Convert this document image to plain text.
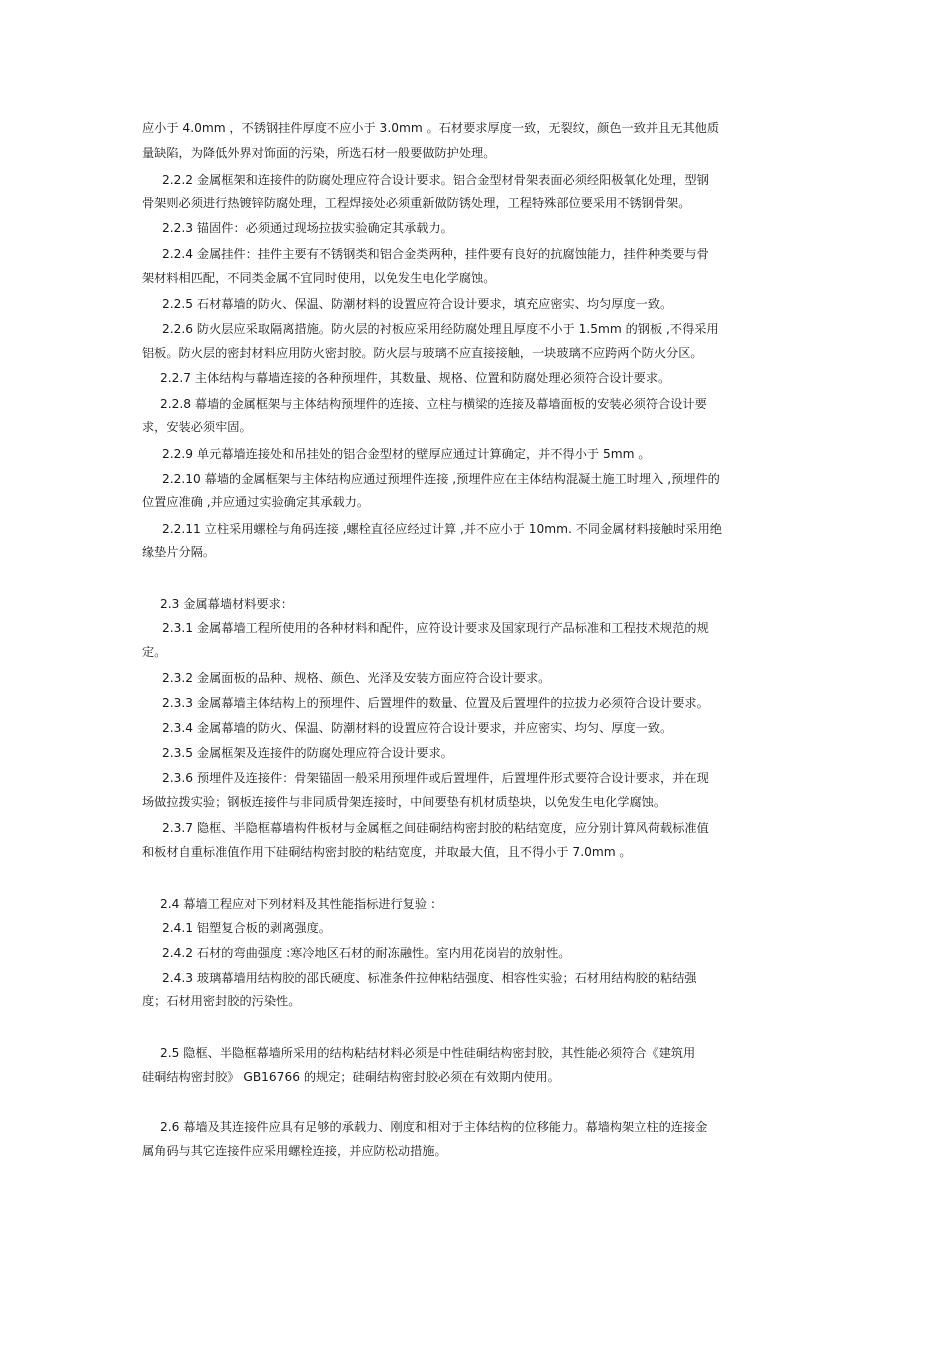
应小于 4.0mm ，不锈钢挂件厚度不应小于 3.0mm 。石材要求厚度一致，无裂纹，颜色一致并且无其他质
量缺陷，为降低外界对饰面的污染，所选石材一般要做防护处理。
2.2.2 金属框架和连接件的防腐处理应符合设计要求。铝合金型材骨架表面必须经阳极氧化处理，型钢
骨架则必须进行热镀锌防腐处理，工程焊接处必须重新做防锈处理，工程特殊部位要采用不锈钢骨架。
2.2.3 锚固件：必须通过现场拉拔实验确定其承载力。
2.2.4 金属挂件：挂件主要有不锈钢类和铝合金类两种，挂件要有良好的抗腐蚀能力，挂件种类要与骨
架材料相匹配，不同类金属不宜同时使用，以免发生电化学腐蚀。
2.2.5 石材幕墙的防火、保温、防潮材料的设置应符合设计要求，填充应密实、均匀厚度一致。
2.2.6 防火层应采取隔离措施。防火层的衬板应采用经防腐处理且厚度不小于 1.5mm 的钢板 ,不得采用
铝板。防火层的密封材料应用防火密封胶。防火层与玻璃不应直接接触，一块玻璃不应跨两个防火分区。
2.2.7 主体结构与幕墙连接的各种预埋件，其数量、规格、位置和防腐处理必须符合设计要求。
2.2.8 幕墙的金属框架与主体结构预埋件的连接、立柱与横梁的连接及幕墙面板的安装必须符合设计要
求，安装必须牢固。
2.2.9 单元幕墙连接处和吊挂处的铝合金型材的壁厚应通过计算确定，并不得小于 5mm 。
2.2.10 幕墙的金属框架与主体结构应通过预埋件连接 ,预埋件应在主体结构混凝土施工时埋入 ,预埋件的
位置应准确 ,并应通过实验确定其承载力。
2.2.11 立柱采用螺栓与角码连接 ,螺栓直径应经过计算 ,并不应小于 10mm. 不同金属材料接触时采用绝
缘垫片分隔。
2.3 金属幕墙材料要求：
2.3.1 金属幕墙工程所使用的各种材料和配件，应符设计要求及国家现行产品标准和工程技术规范的规
定。
2.3.2 金属面板的品种、规格、颜色、光泽及安装方面应符合设计要求。
2.3.3 金属幕墙主体结构上的预埋件、后置埋件的数量、位置及后置埋件的拉拔力必须符合设计要求。
2.3.4 金属幕墙的防火、保温、防潮材料的设置应符合设计要求，并应密实、均匀、厚度一致。
2.3.5 金属框架及连接件的防腐处理应符合设计要求。
2.3.6 预埋件及连接件：骨架锚固一般采用预埋件或后置埋件，后置埋件形式要符合设计要求，并在现
场做拉拨实验；钢板连接件与非同质骨架连接时，中间要垫有机材质垫块，以免发生电化学腐蚀。
2.3.7 隐框、半隐框幕墙构件板材与金属框之间硅硐结构密封胶的粘结宽度，应分别计算风荷载标准值
和板材自重标准值作用下硅硐结构密封胶的粘结宽度，并取最大值，且不得小于 7.0mm 。
2.4 幕墙工程应对下列材料及其性能指标进行复验 :
2.4.1 铝塑复合板的剥离强度。
2.4.2 石材的弯曲强度 :寒冷地区石材的耐冻融性。室内用花岗岩的放射性。
2.4.3 玻璃幕墙用结构胶的邵氏硬度、标准条件拉伸粘结强度、相容性实验；石材用结构胶的粘结强
度；石材用密封胶的污染性。
2.5 隐框、半隐框幕墙所采用的结构粘结材料必须是中性硅硐结构密封胶，其性能必须符合《建筑用
硅硐结构密封胶》 GB16766 的规定；硅硐结构密封胶必须在有效期内使用。
2.6 幕墙及其连接件应具有足够的承载力、刚度和相对于主体结构的位移能力。幕墙构架立柱的连接金
属角码与其它连接件应采用螺栓连接，并应防松动措施。
